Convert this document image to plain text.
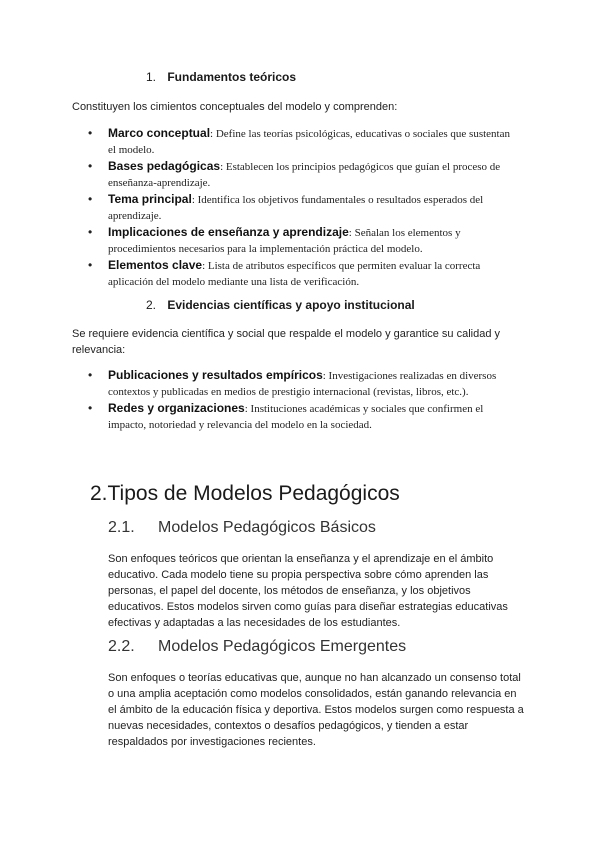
1. Fundamentos teóricos
Constituyen los cimientos conceptuales del modelo y comprenden:
• Marco conceptual: Define las teorías psicológicas, educativas o sociales que sustentan el modelo.
• Bases pedagógicas: Establecen los principios pedagógicos que guían el proceso de enseñanza-aprendizaje.
• Tema principal: Identifica los objetivos fundamentales o resultados esperados del aprendizaje.
• Implicaciones de enseñanza y aprendizaje: Señalan los elementos y procedimientos necesarios para la implementación práctica del modelo.
• Elementos clave: Lista de atributos específicos que permiten evaluar la correcta aplicación del modelo mediante una lista de verificación.
2. Evidencias científicas y apoyo institucional
Se requiere evidencia científica y social que respalde el modelo y garantice su calidad y relevancia:
• Publicaciones y resultados empíricos: Investigaciones realizadas en diversos contextos y publicadas en medios de prestigio internacional (revistas, libros, etc.).
• Redes y organizaciones: Instituciones académicas y sociales que confirmen el impacto, notoriedad y relevancia del modelo en la sociedad.
2.Tipos de Modelos Pedagógicos
2.1. Modelos Pedagógicos Básicos
Son enfoques teóricos que orientan la enseñanza y el aprendizaje en el ámbito educativo. Cada modelo tiene su propia perspectiva sobre cómo aprenden las personas, el papel del docente, los métodos de enseñanza, y los objetivos educativos. Estos modelos sirven como guías para diseñar estrategias educativas efectivas y adaptadas a las necesidades de los estudiantes.
2.2. Modelos Pedagógicos Emergentes
Son enfoques o teorías educativas que, aunque no han alcanzado un consenso total o una amplia aceptación como modelos consolidados, están ganando relevancia en el ámbito de la educación física y deportiva. Estos modelos surgen como respuesta a nuevas necesidades, contextos o desafíos pedagógicos, y tienden a estar respaldados por investigaciones recientes.
